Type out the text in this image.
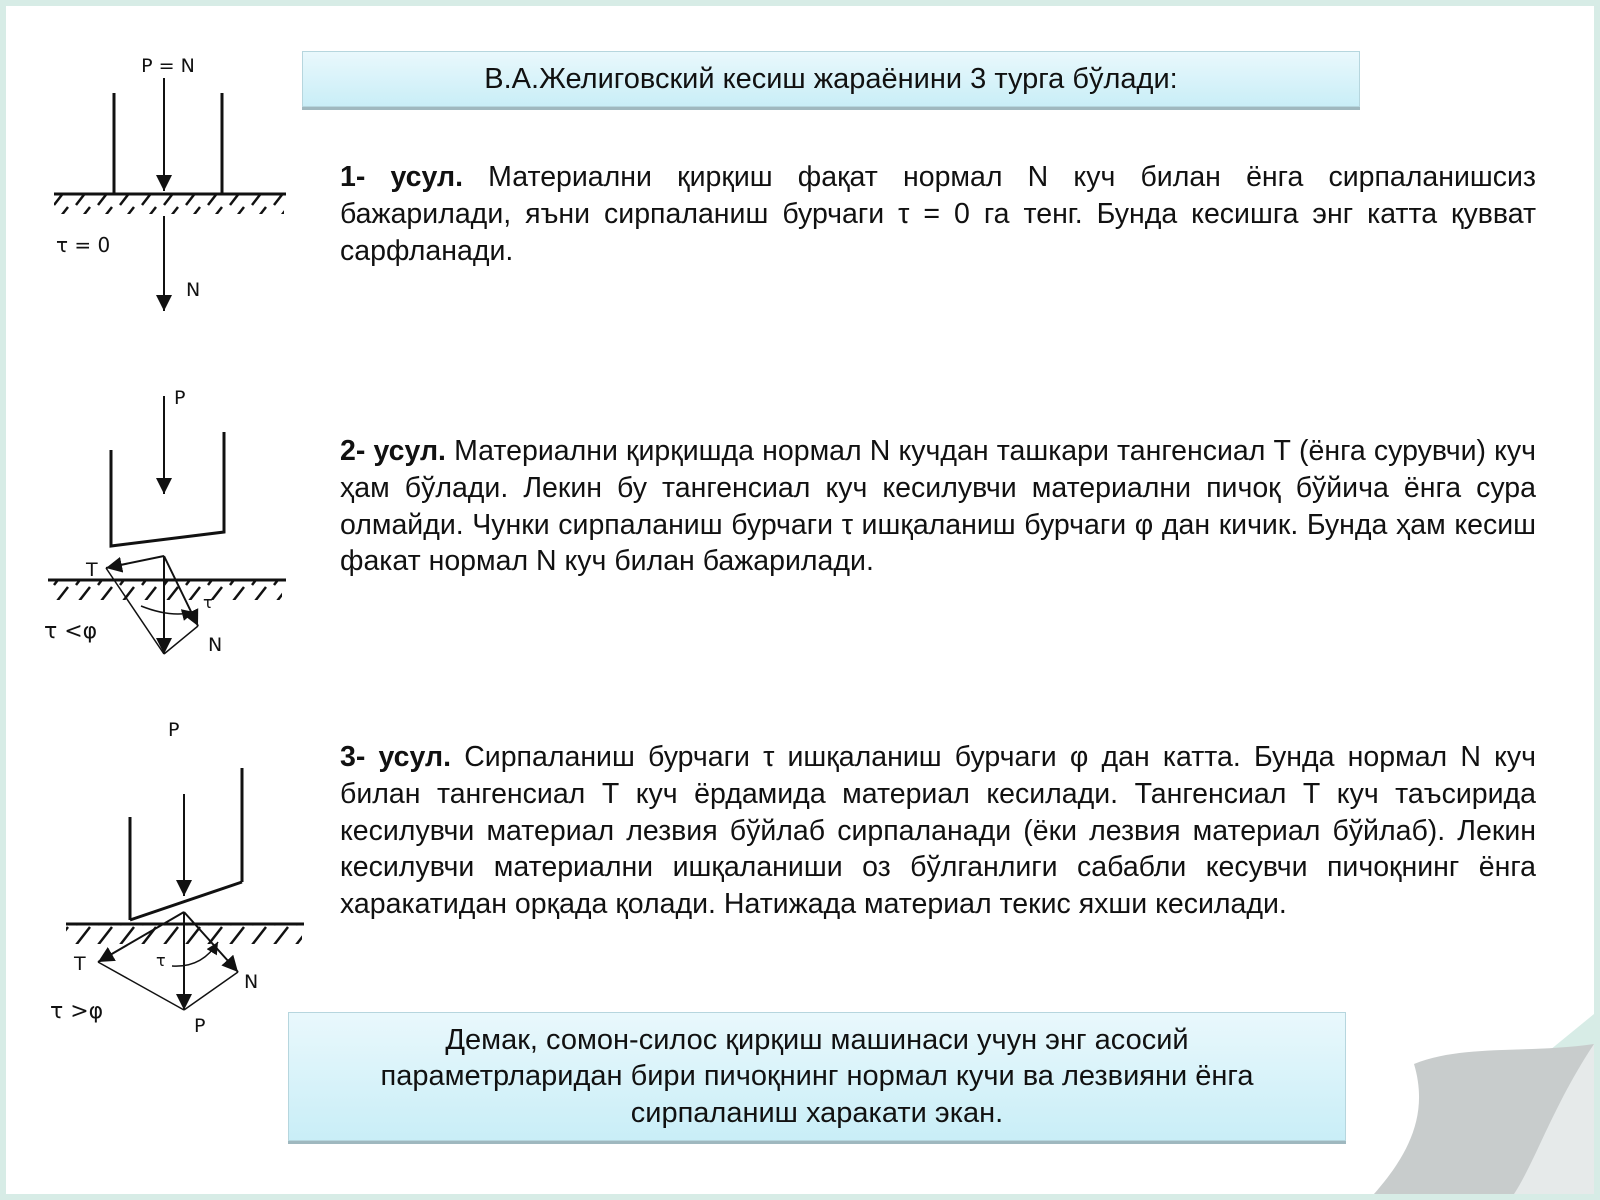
В.А.Желиговский кесиш жараёнини 3 турга бўлади:
1- усул. Материални қирқиш фақат нормал N куч билан ёнга сирпаланишсиз бажарилади, яъни сирпаланиш бурчаги τ = 0 га тенг. Бунда кесишга энг катта қувват сарфланади.
2- усул. Материални қирқишда нормал N кучдан ташкари тангенсиал Т (ёнга сурувчи) куч ҳам бўлади. Лекин бу тангенсиал куч кесилувчи материални пичоқ бўйича ёнга сура олмайди. Чунки сирпаланиш бурчаги τ ишқаланиш бурчаги φ дан кичик. Бунда ҳам кесиш факат нормал N куч билан бажарилади.
3- усул. Сирпаланиш бурчаги τ ишқаланиш бурчаги φ дан катта. Бунда нормал N куч билан тангенсиал Т куч ёрдамида материал кесилади. Тангенсиал Т куч таъсирида кесилувчи материал лезвия бўйлаб сирпаланади (ёки лезвия материал бўйлаб). Лекин кесилувчи материални ишқаланиши оз бўлганлиги сабабли кесувчи пичоқнинг ёнга харакатидан орқада қолади. Натижада материал текис яхши кесилади.
Демак, сомон-силос қирқиш машинаси учун энг асосий параметрларидан бири пичоқнинг нормал кучи ва лезвияни ёнга сирпаланиш харакати экан.
P = N
τ = 0
N
P
T
τ
τ <φ
N
P
T	τ
N
τ >φ
P
